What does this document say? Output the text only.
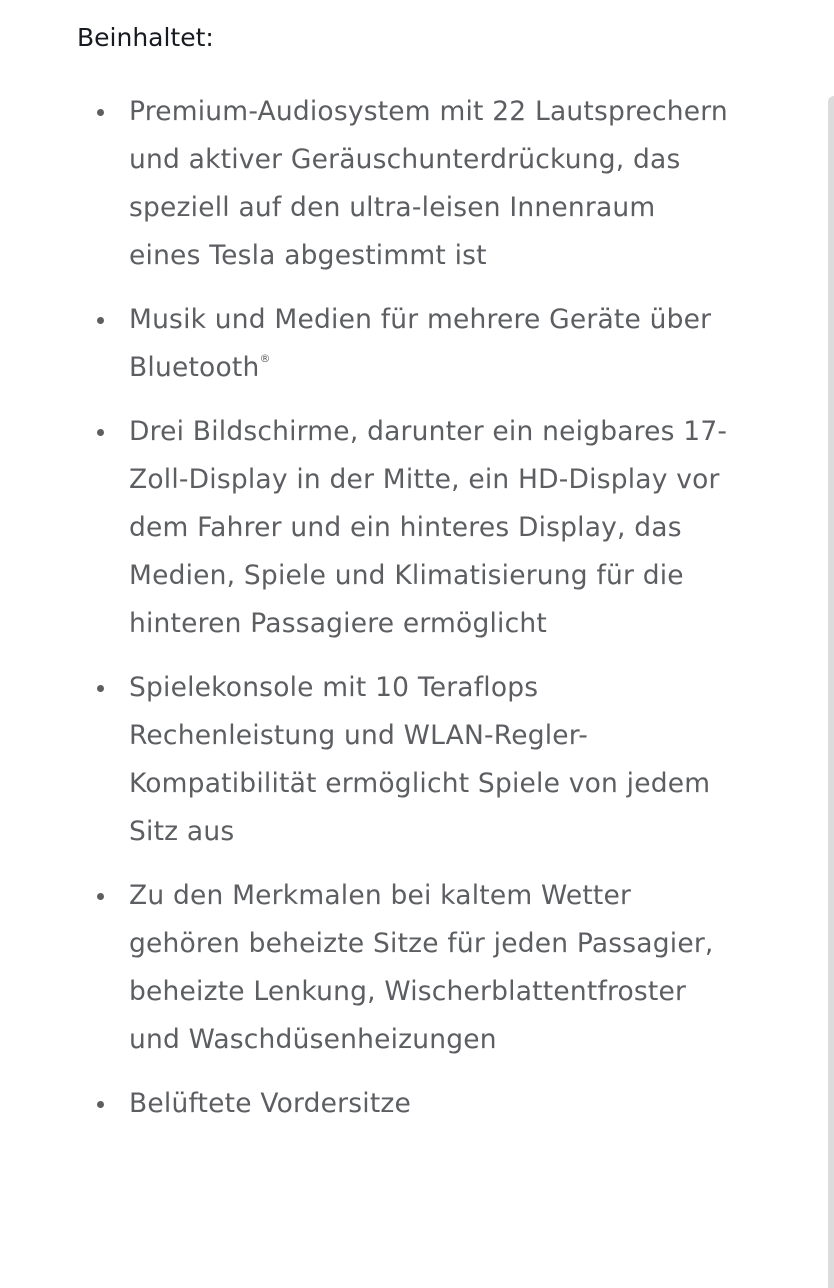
Beinhaltet:
Premium-Audiosystem mit 22 Lautsprechern und aktiver Geräuschunterdrückung, das speziell auf den ultra-leisen Innenraum eines Tesla abgestimmt ist
Musik und Medien für mehrere Geräte über Bluetooth®
Drei Bildschirme, darunter ein neigbares 17-Zoll-Display in der Mitte, ein HD-Display vor dem Fahrer und ein hinteres Display, das Medien, Spiele und Klimatisierung für die hinteren Passagiere ermöglicht
Spielekonsole mit 10 Teraflops Rechenleistung und WLAN-Regler-Kompatibilität ermöglicht Spiele von jedem Sitz aus
Zu den Merkmalen bei kaltem Wetter gehören beheizte Sitze für jeden Passagier, beheizte Lenkung, Wischerblattentfroster und Waschdüsenheizungen
Belüftete Vordersitze
